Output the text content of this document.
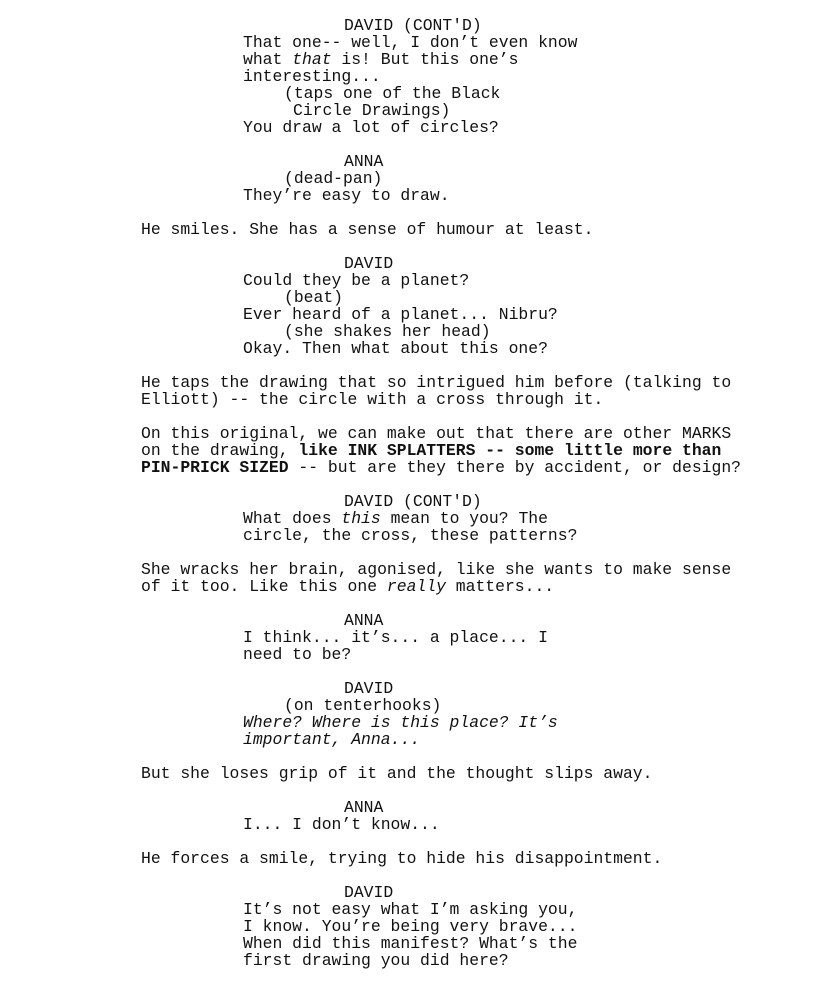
DAVID (CONT'D)
That one-- well, I don’t even know
what that is! But this one’s
interesting...
(taps one of the Black
Circle Drawings)
You draw a lot of circles?
ANNA
(dead-pan)
They’re easy to draw.
He smiles. She has a sense of humour at least.
DAVID
Could they be a planet?
(beat)
Ever heard of a planet... Nibru?
(she shakes her head)
Okay. Then what about this one?
He taps the drawing that so intrigued him before (talking to
Elliott) -- the circle with a cross through it.
On this original, we can make out that there are other MARKS
on the drawing, like INK SPLATTERS -- some little more than
PIN-PRICK SIZED -- but are they there by accident, or design?
DAVID (CONT'D)
What does this mean to you? The
circle, the cross, these patterns?
She wracks her brain, agonised, like she wants to make sense
of it too. Like this one really matters...
ANNA
I think... it’s... a place... I
need to be?
DAVID
(on tenterhooks)
Where? Where is this place? It’s
important, Anna...
But she loses grip of it and the thought slips away.
ANNA
I... I don’t know...
He forces a smile, trying to hide his disappointment.
DAVID
It’s not easy what I’m asking you,
I know. You’re being very brave...
When did this manifest? What’s the
first drawing you did here?
